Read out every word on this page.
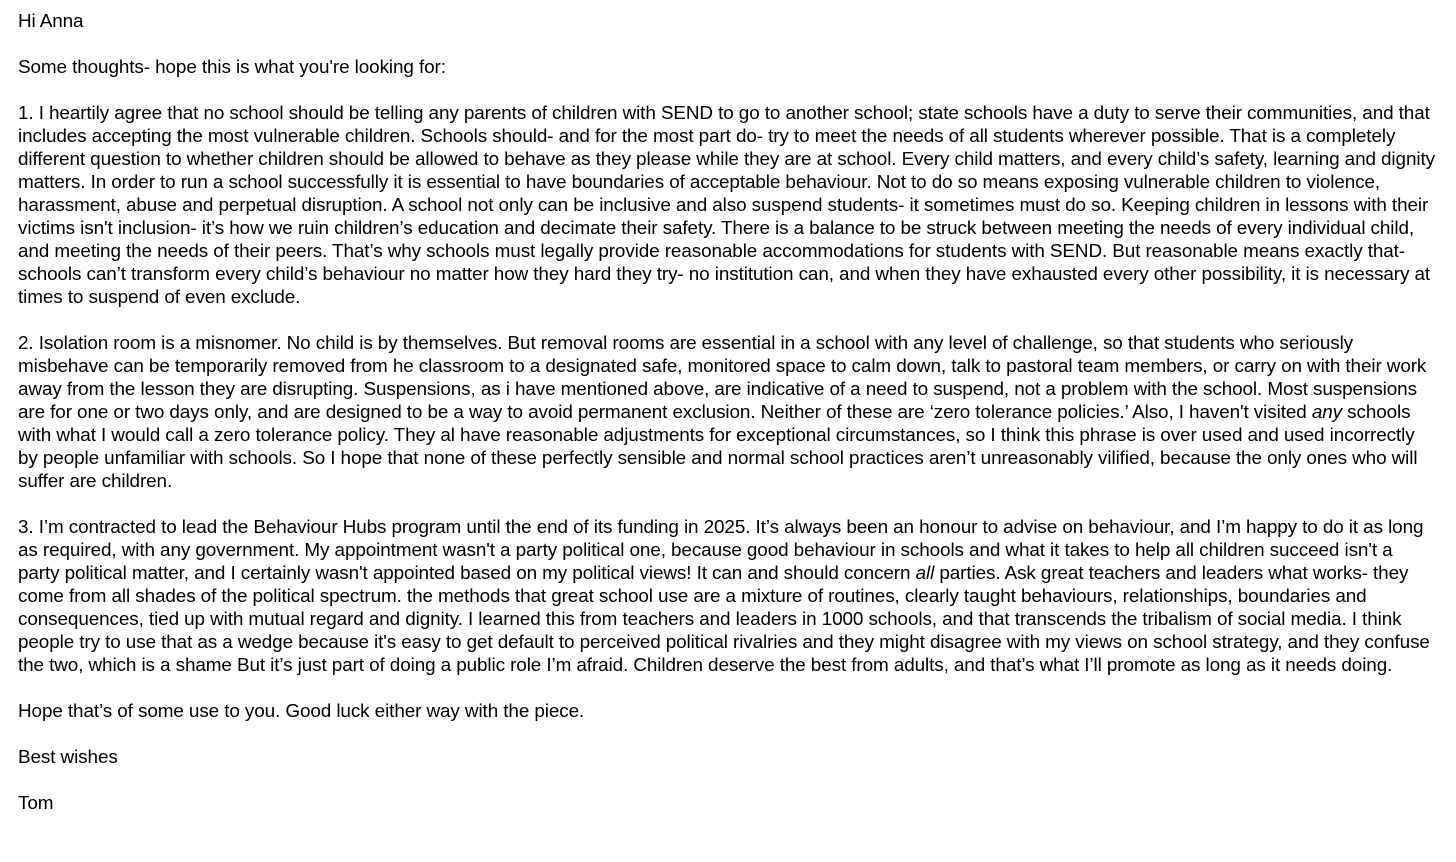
Hi Anna

Some thoughts- hope this is what you're looking for:

1. I heartily agree that no school should be telling any parents of children with SEND to go to another school; state schools have a duty to serve their communities, and that includes accepting the most vulnerable children. Schools should- and for the most part do- try to meet the needs of all students wherever possible. That is a completely different question to whether children should be allowed to behave as they please while they are at school. Every child matters, and every child’s safety, learning and dignity matters. In order to run a school successfully it is essential to have boundaries of acceptable behaviour. Not to do so means exposing vulnerable children to violence, harassment, abuse and perpetual disruption. A school not only can be inclusive and also suspend students- it sometimes must do so. Keeping children in lessons with their victims isn't inclusion- it’s how we ruin children’s education and decimate their safety. There is a balance to be struck between meeting the needs of every individual child, and meeting the needs of their peers. That’s why schools must legally provide reasonable accommodations for students with SEND. But reasonable means exactly that- schools can’t transform every child’s behaviour no matter how they hard they try- no institution can, and when they have exhausted every other possibility, it is necessary at times to suspend of even exclude.

2. Isolation room is a misnomer. No child is by themselves. But removal rooms are essential in a school with any level of challenge, so that students who seriously misbehave can be temporarily removed from he classroom to a designated safe, monitored space to calm down, talk to pastoral team members, or carry on with their work away from the lesson they are disrupting. Suspensions, as i have mentioned above, are indicative of a need to suspend, not a problem with the school. Most suspensions are for one or two days only, and are designed to be a way to avoid permanent exclusion. Neither of these are ‘zero tolerance policies.’ Also, I haven't visited any schools with what I would call a zero tolerance policy. They al have reasonable adjustments for exceptional circumstances, so I think this phrase is over used and used incorrectly by people unfamiliar with schools. So I hope that none of these perfectly sensible and normal school practices aren’t unreasonably vilified, because the only ones who will suffer are children.

3. I’m contracted to lead the Behaviour Hubs program until the end of its funding in 2025. It’s always been an honour to advise on behaviour, and I’m happy to do it as long as required, with any government. My appointment wasn't a party political one, because good behaviour in schools and what it takes to help all children succeed isn't a party political matter, and I certainly wasn't appointed based on my political views! It can and should concern all parties. Ask great teachers and leaders what works- they come from all shades of the political spectrum. the methods that great school use are a mixture of routines, clearly taught behaviours, relationships, boundaries and consequences, tied up with mutual regard and dignity. I learned this from teachers and leaders in 1000 schools, and that transcends the tribalism of social media. I think people try to use that as a wedge because it's easy to get default to perceived political rivalries and they might disagree with my views on school strategy, and they confuse the two, which is a shame But it’s just part of doing a public role I’m afraid. Children deserve the best from adults, and that’s what I’ll promote as long as it needs doing.

Hope that’s of some use to you. Good luck either way with the piece.

Best wishes

Tom
